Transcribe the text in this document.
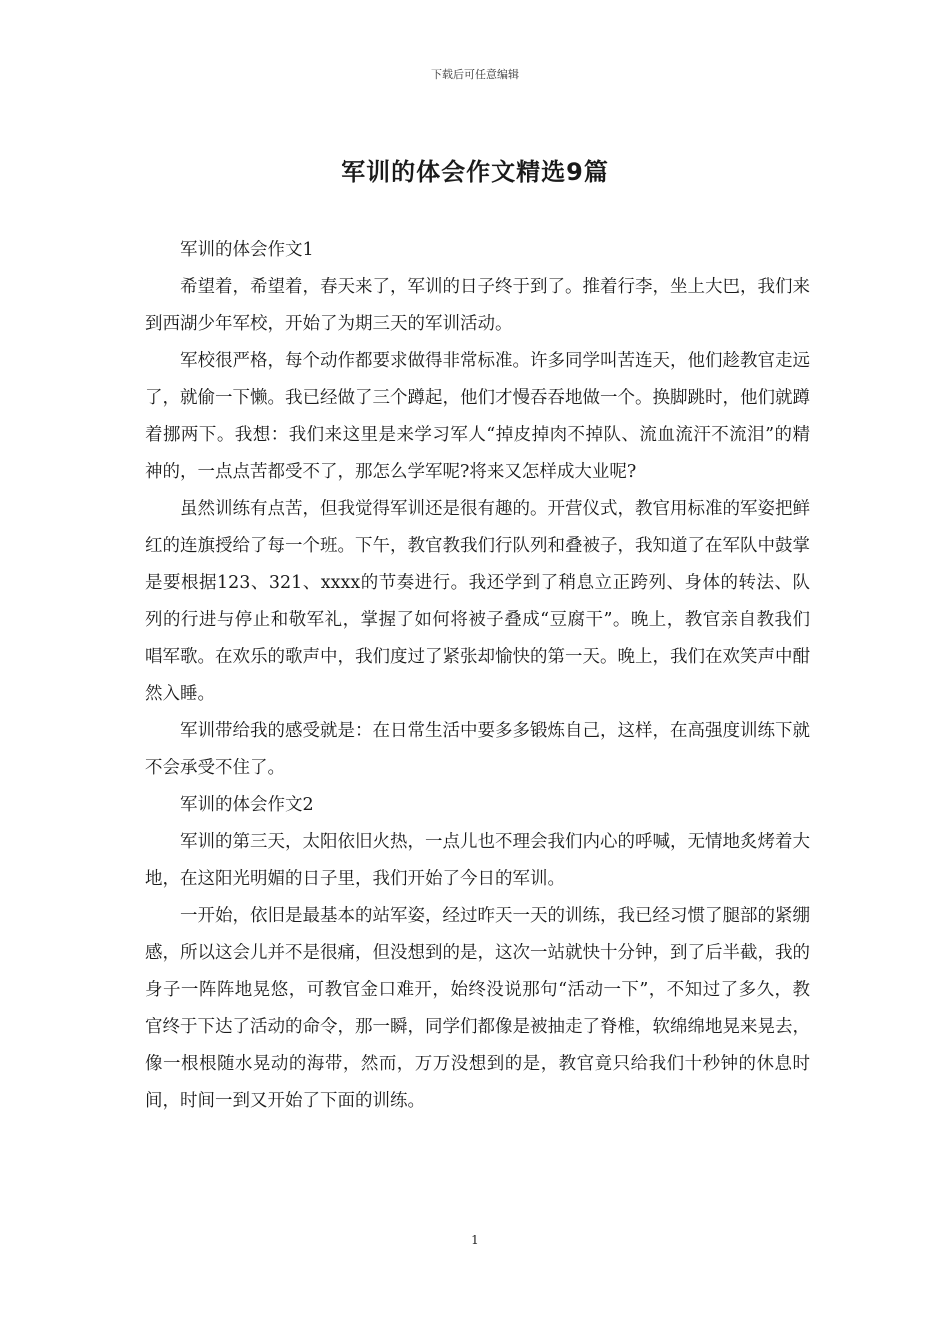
下载后可任意编辑
军训的体会作文精选9篇

军训的体会作文1

希望着，希望着，春天来了，军训的日子终于到了。推着行李，坐上大巴，我们来到西湖少年军校，开始了为期三天的军训活动。

军校很严格，每个动作都要求做得非常标准。许多同学叫苦连天，他们趁教官走远了，就偷一下懒。我已经做了三个蹲起，他们才慢吞吞地做一个。换脚跳时，他们就蹲着挪两下。我想：我们来这里是来学习军人“掉皮掉肉不掉队、流血流汗不流泪”的精神的，一点点苦都受不了，那怎么学军呢?将来又怎样成大业呢?

虽然训练有点苦，但我觉得军训还是很有趣的。开营仪式，教官用标准的军姿把鲜红的连旗授给了每一个班。下午，教官教我们行队列和叠被子，我知道了在军队中鼓掌是要根据123、321、xxxx的节奏进行。我还学到了稍息立正跨列、身体的转法、队列的行进与停止和敬军礼，掌握了如何将被子叠成“豆腐干”。晚上，教官亲自教我们唱军歌。在欢乐的歌声中，我们度过了紧张却愉快的第一天。晚上，我们在欢笑声中酣然入睡。

军训带给我的感受就是：在日常生活中要多多锻炼自己，这样，在高强度训练下就不会承受不住了。

军训的体会作文2

军训的第三天，太阳依旧火热，一点儿也不理会我们内心的呼喊，无情地炙烤着大地，在这阳光明媚的日子里，我们开始了今日的军训。

一开始，依旧是最基本的站军姿，经过昨天一天的训练，我已经习惯了腿部的紧绷感，所以这会儿并不是很痛，但没想到的是，这次一站就快十分钟，到了后半截，我的身子一阵阵地晃悠，可教官金口难开，始终没说那句“活动一下”，不知过了多久，教官终于下达了活动的命令，那一瞬，同学们都像是被抽走了脊椎，软绵绵地晃来晃去，像一根根随水晃动的海带，然而，万万没想到的是，教官竟只给我们十秒钟的休息时间，时间一到又开始了下面的训练。

1
